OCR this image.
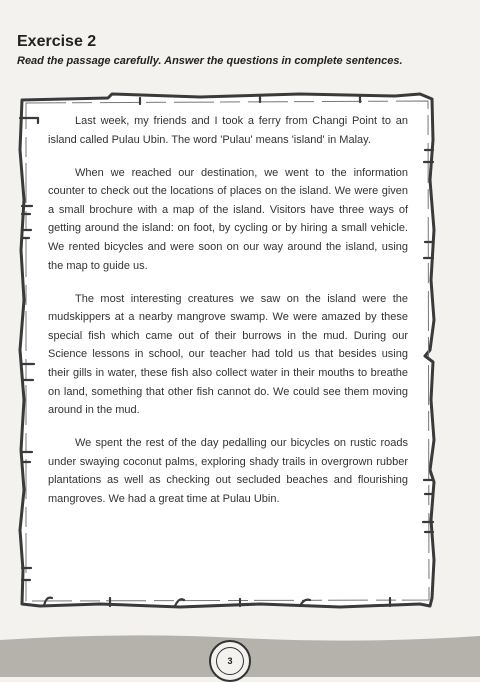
Exercise 2
Read the passage carefully. Answer the questions in complete sentences.

Last week, my friends and I took a ferry from Changi Point to an island called Pulau Ubin. The word 'Pulau' means 'island' in Malay.

When we reached our destination, we went to the information counter to check out the locations of places on the island. We were given a small brochure with a map of the island. Visitors have three ways of getting around the island: on foot, by cycling or by hiring a small vehicle. We rented bicycles and were soon on our way around the island, using the map to guide us.

The most interesting creatures we saw on the island were the mudskippers at a nearby mangrove swamp. We were amazed by these special fish which came out of their burrows in the mud. During our Science lessons in school, our teacher had told us that besides using their gills in water, these fish also collect water in their mouths to breathe on land, something that other fish cannot do. We could see them moving around in the mud.

We spent the rest of the day pedalling our bicycles on rustic roads under swaying coconut palms, exploring shady trails in overgrown rubber plantations as well as checking out secluded beaches and flourishing mangroves. We had a great time at Pulau Ubin.

3
